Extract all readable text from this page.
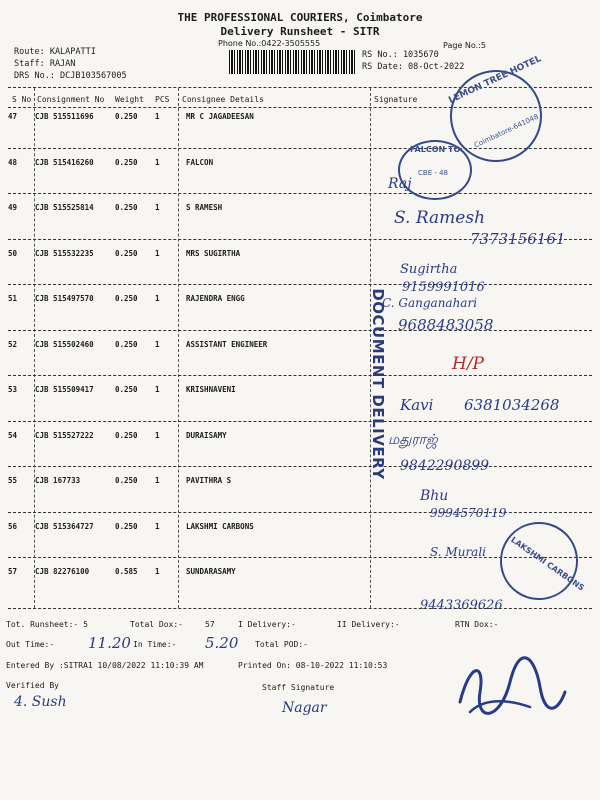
THE PROFESSIONAL COURIERS, Coimbatore
Delivery Runsheet - SITR
Phone No.:0422-3505555	Page No.:5
Route: KALAPATTI
Staff: RAJAN
DRS No.: DCJB103567005
RS No.: 1035670
RS Date: 08-Oct-2022
S No Consignment No Weight PCS Consignee Details	Signature
47 CJB 515511696	0.250 1	MR C JAGADEESAN
48 CJB 515416260	0.250 1	FALCON
49 CJB 515525814	0.250 1	S RAMESH
50 CJB 515532235	0.250 1	MRS SUGIRTHA
51 CJB 515497570	0.250 1	RAJENDRA ENGG
52 CJB 515502460	0.250 1	ASSISTANT ENGINEER
53 CJB 515509417	0.250 1	KRISHNAVENI
54 CJB 515527222	0.250 1	DURAISAMY
55 CJB 167733	0.250 1	PAVITHRA S
56 CJB 515364727	0.250 1	LAKSHMI CARBONS
57 CJB 82276100	0.585 1	SUNDARASAMY
DOCUMENT DELIVERY
LEMON TREE HOTEL
Coimbatore-641048
FALCON TO
CBE - 48
LAKSHMI CARBONS
Raj
S. Ramesh
7373156161
Sugirtha
9159991016
C. Ganganahari
9688483058
H/P
Kavi 6381034268
மதுராஜ்
9842290899
Bhu
9994570119
S. Murali
9443369626
Tot. Runsheet:- 5	Total Dox:-	57	I Delivery:-	II Delivery:-	RTN Dox:-
Out Time:- 11.20 In Time:- 5.20 Total POD:-
Entered By :SITRA1 10/08/2022 11:10:39 AM	Printed On: 08-10-2022 11:10:53
Verified By
4. Sush
Staff Signature
Nagar
